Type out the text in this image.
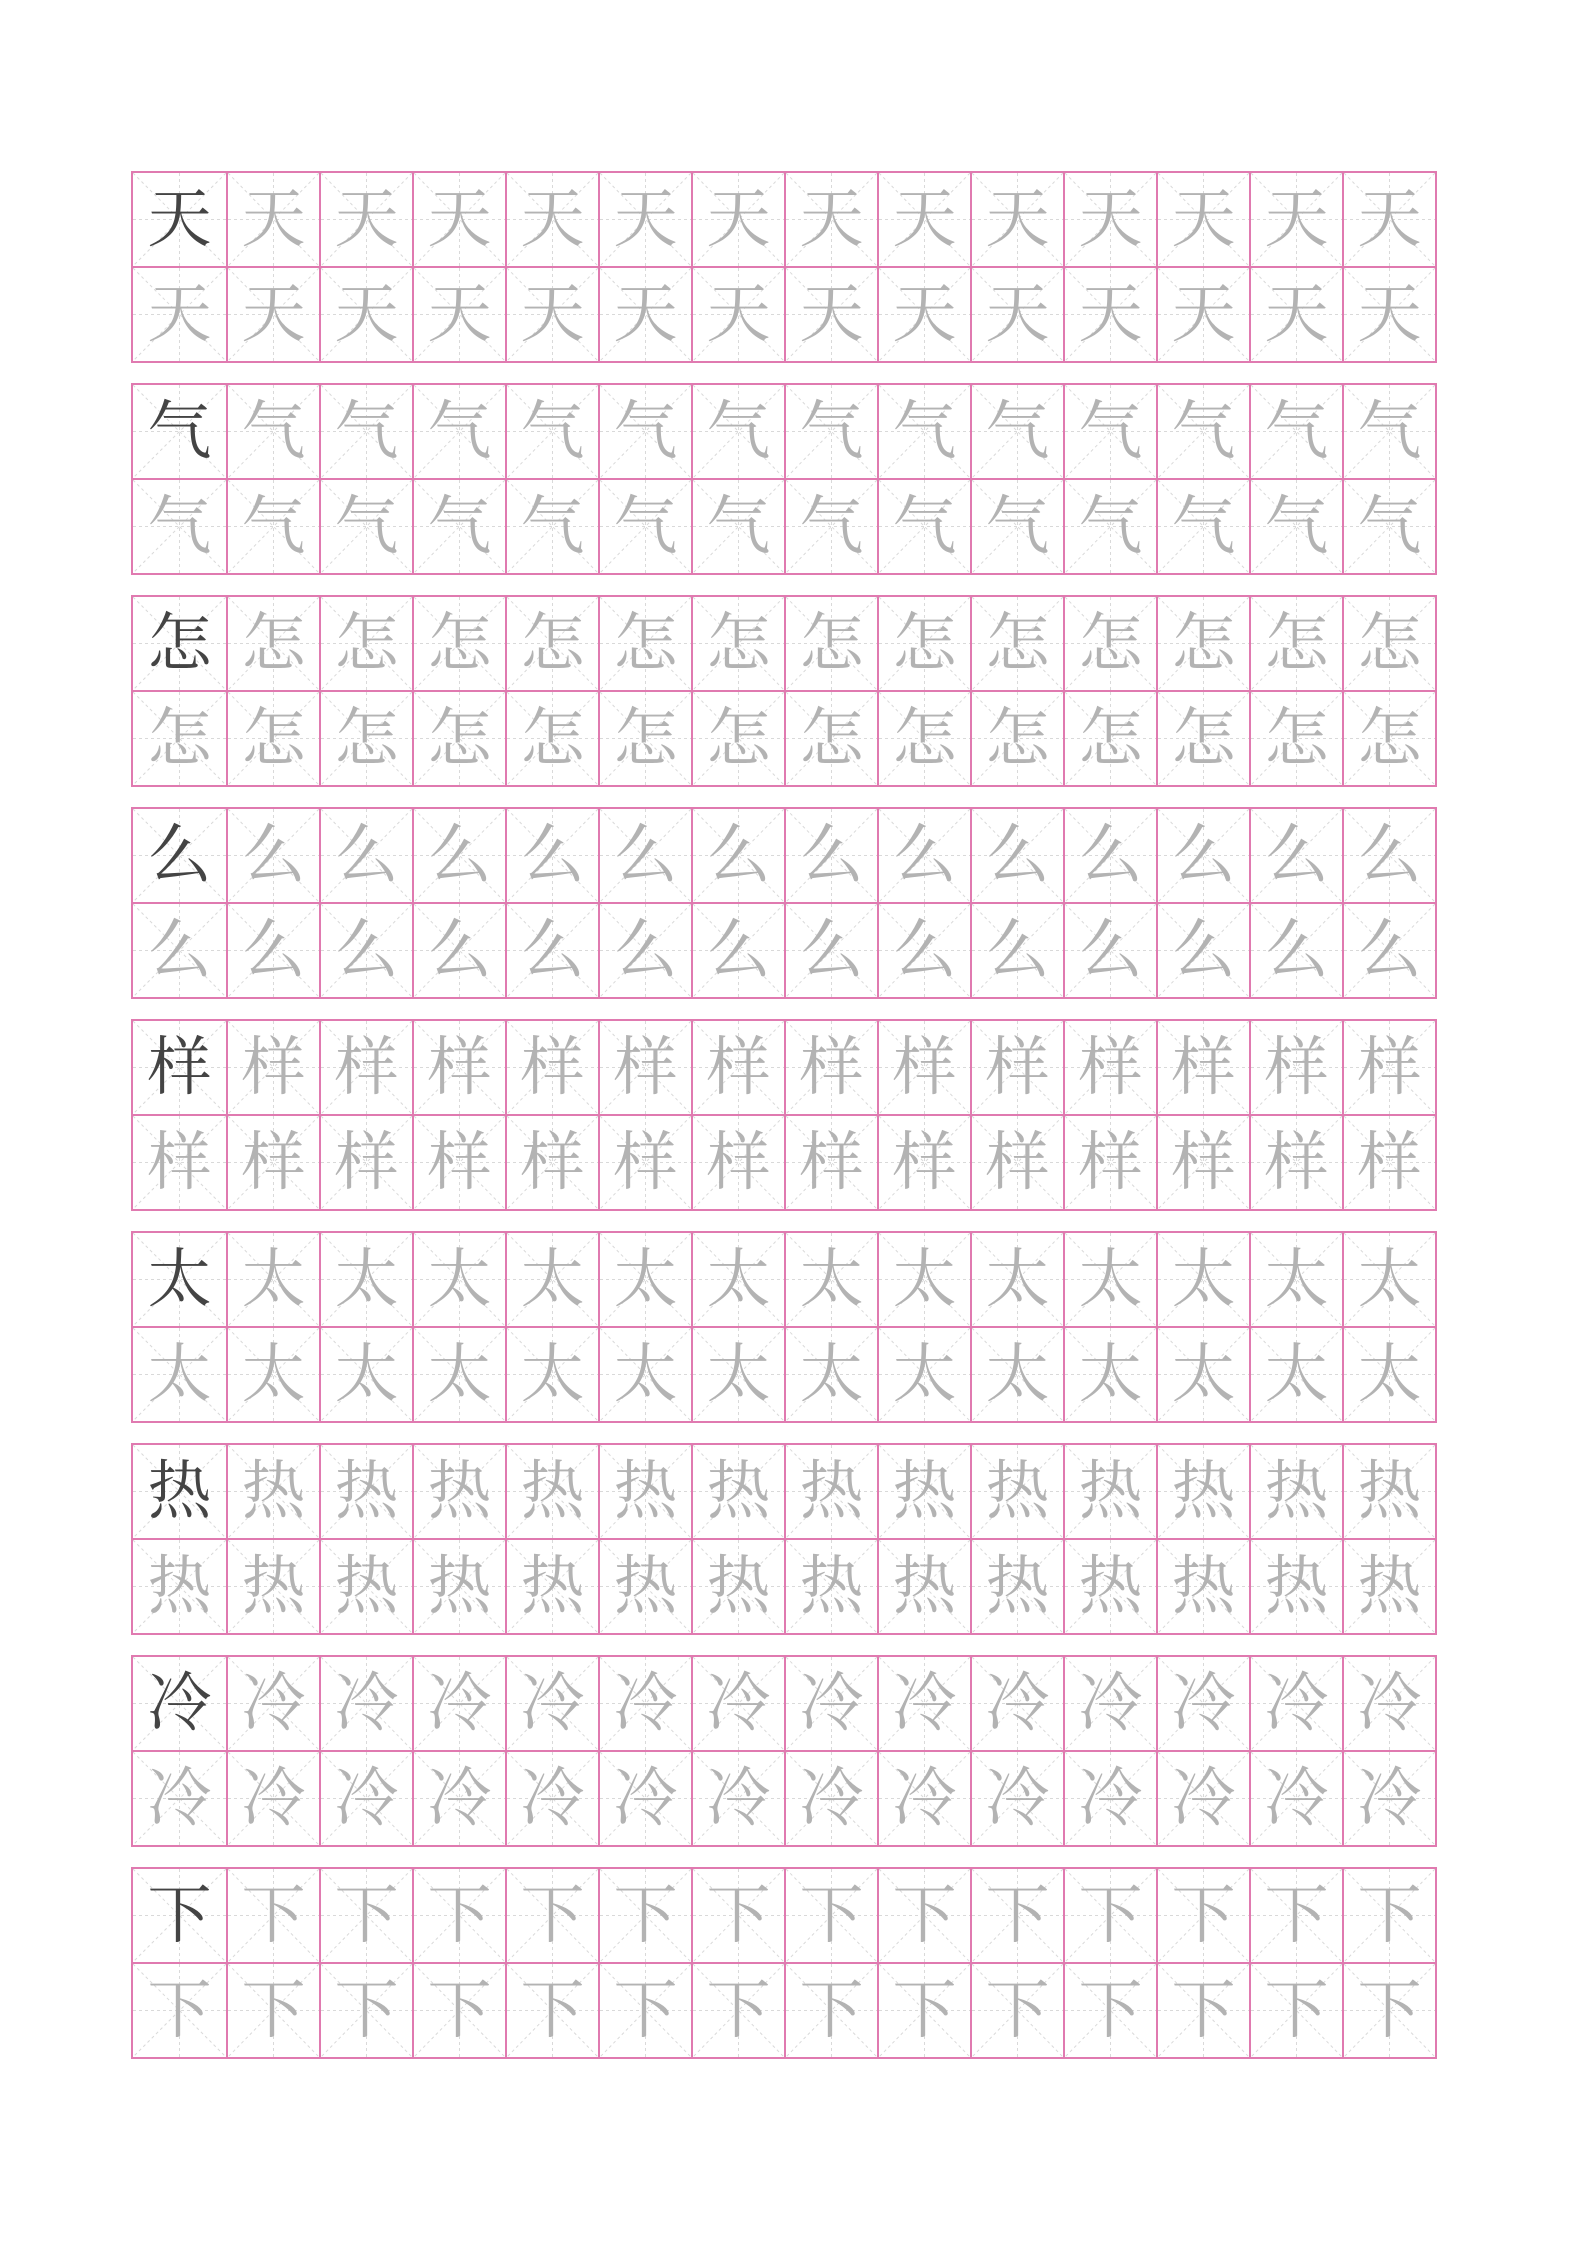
天 天 天 天 天 天 天 天 天 天 天 天 天 天
天 天 天 天 天 天 天 天 天 天 天 天 天 天
气 气 气 气 气 气 气 气 气 气 气 气 气 气
气 气 气 气 气 气 气 气 气 气 气 气 气 气
怎 怎 怎 怎 怎 怎 怎 怎 怎 怎 怎 怎 怎 怎
怎 怎 怎 怎 怎 怎 怎 怎 怎 怎 怎 怎 怎 怎
么 么 么 么 么 么 么 么 么 么 么 么 么 么
么 么 么 么 么 么 么 么 么 么 么 么 么 么
样 样 样 样 样 样 样 样 样 样 样 样 样 样
样 样 样 样 样 样 样 样 样 样 样 样 样 样
太 太 太 太 太 太 太 太 太 太 太 太 太 太
太 太 太 太 太 太 太 太 太 太 太 太 太 太
热 热 热 热 热 热 热 热 热 热 热 热 热 热
热 热 热 热 热 热 热 热 热 热 热 热 热 热
冷 冷 冷 冷 冷 冷 冷 冷 冷 冷 冷 冷 冷 冷
冷 冷 冷 冷 冷 冷 冷 冷 冷 冷 冷 冷 冷 冷
下 下 下 下 下 下 下 下 下 下 下 下 下 下
下 下 下 下 下 下 下 下 下 下 下 下 下 下
